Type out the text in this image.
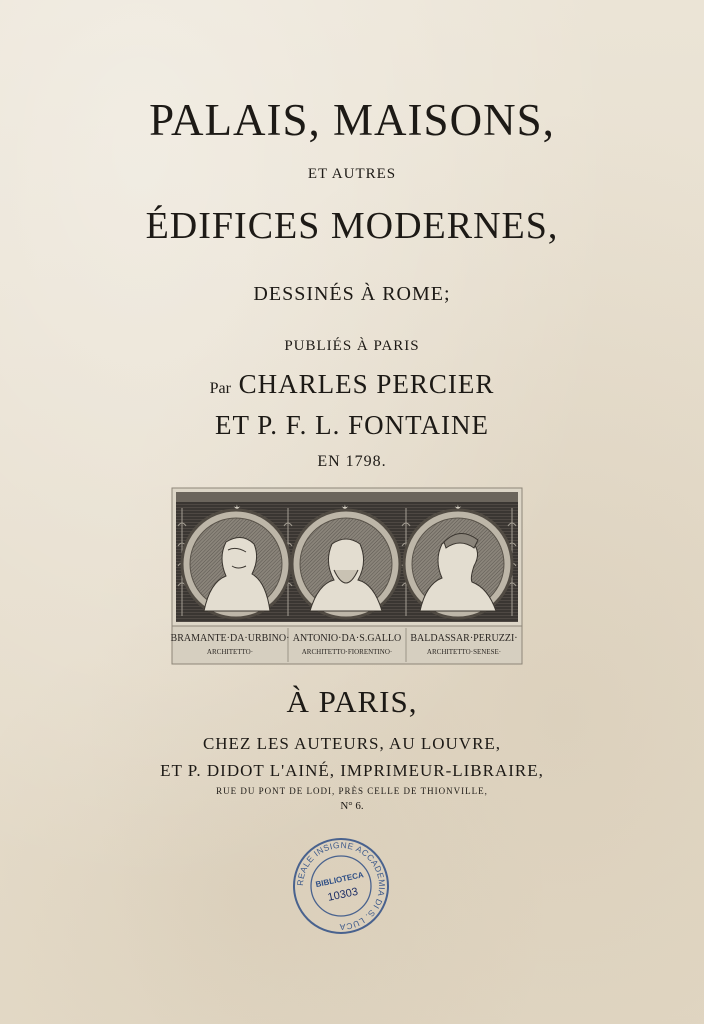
PALAIS, MAISONS,
ET AUTRES
ÉDIFICES MODERNES,
DESSINÉS À ROME;
PUBLIÉS À PARIS
Par CHARLES PERCIER
ET P. F. L. FONTAINE
EN 1798.
BRAMANTE·DA·URBINO·
ARCHITETTO·
ANTONIO·DA·S.GALLO
ARCHITETTO·FIORENTINO·
BALDASSAR·PERUZZI·
ARCHITETTO·SENESE·
À PARIS,
CHEZ LES AUTEURS, AU LOUVRE,
ET P. DIDOT L'AINÉ, IMPRIMEUR-LIBRAIRE,
RUE DU PONT DE LODI, PRÈS CELLE DE THIONVILLE,
N° 6.
REALE INSIGNE ACCADEMIA DI S. LUCA
BIBLIOTECA
10303
